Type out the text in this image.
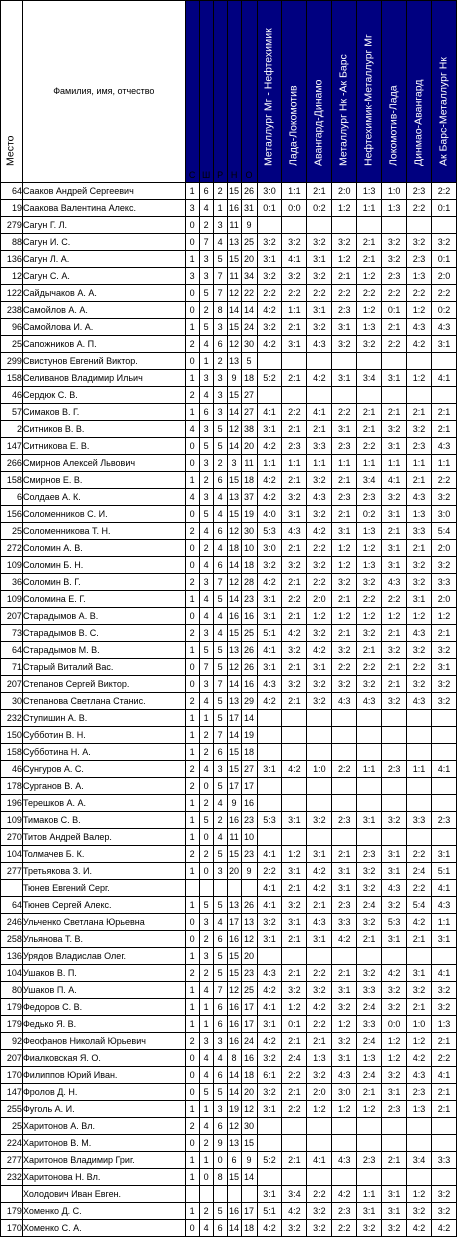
Место	Фамилия, имя, отчество	С	Ш	Р	Н	О	Металлург Мг - Нефтехимик	Лада-Локомотив	Авангард-Динамо	Металлург Нк -Ак Барс	Нефтехимик-Металлург Мг	Локомотив-Лада	Динмао-Авангард	Ак Барс-Металлург Нк

64	Сааков Андрей Сергеевич	1	6	2	15	26	3:0	1:1	2:1	2:0	1:3	1:0	2:3	2:2
19	Саакова Валентина Алекс.	3	4	1	16	31	0:1	0:0	0:2	1:2	1:1	1:3	2:2	0:1
279	Сагун Г. Л.	0	2	3	11	9								
88	Сагун И. С.	0	7	4	13	25	3:2	3:2	3:2	3:2	2:1	3:2	3:2	3:2
136	Сагун Л. А.	1	3	5	15	20	3:1	4:1	3:1	1:2	2:1	3:2	2:3	0:1
12	Сагун С. А.	3	3	7	11	34	3:2	3:2	3:2	2:1	1:2	2:3	1:3	2:0
122	Сайдычаков А. А.	0	5	7	12	22	2:2	2:2	2:2	2:2	2:2	2:2	2:2	2:2
238	Самойлов А. А.	0	2	8	14	14	4:2	1:1	3:1	2:3	1:2	0:1	1:2	0:2
96	Самойлова И. А.	1	5	3	15	24	3:2	2:1	3:2	3:1	1:3	2:1	4:3	4:3
25	Сапожников А. П.	2	4	6	12	30	4:2	3:1	4:3	3:2	3:2	2:2	4:2	3:1
299	Свистунов Евгений Виктор.	0	1	2	13	5								
158	Селиванов Владимир Ильич	1	3	3	9	18	5:2	2:1	4:2	3:1	3:4	3:1	1:2	4:1
46	Сердюк С. В.	2	4	3	15	27								
57	Симаков В. Г.	1	6	3	14	27	4:1	2:2	4:1	2:2	2:1	2:1	2:1	2:1
2	Ситников В. В.	4	3	5	12	38	3:1	2:1	2:1	3:1	2:1	3:2	3:2	2:1
147	Ситникова Е. В.	0	5	5	14	20	4:2	2:3	3:3	2:3	2:2	3:1	2:3	4:3
266	Смирнов Алексей Львович	0	3	2	3	11	1:1	1:1	1:1	1:1	1:1	1:1	1:1	1:1
158	Смирнов Е. В.	1	2	6	15	18	4:2	2:1	3:2	2:1	3:4	4:1	2:1	2:2
6	Солдаев А. К.	4	3	4	13	37	4:2	3:2	4:3	2:3	2:3	3:2	4:3	3:2
156	Соломенников С. И.	0	5	4	15	19	4:0	3:1	3:2	2:1	0:2	3:1	1:3	3:0
25	Соломенникова Т. Н.	2	4	6	12	30	5:3	4:3	4:2	3:1	1:3	2:1	3:3	5:4
272	Соломин А. В.	0	2	4	18	10	3:0	2:1	2:2	1:2	1:2	3:1	2:1	2:0
109	Соломин Б. Н.	0	4	6	14	18	3:2	3:2	3:2	1:2	1:3	3:1	3:2	3:2
36	Соломин В. Г.	2	3	7	12	28	4:2	2:1	2:2	3:2	3:2	4:3	3:2	3:3
109	Соломина Е. Г.	1	4	5	14	23	3:1	2:2	2:0	2:1	2:2	2:2	3:1	2:0
207	Старадымов А. В.	0	4	4	16	16	3:1	2:1	1:2	1:2	1:2	1:2	1:2	1:2
73	Старадымов В. С.	2	3	4	15	25	5:1	4:2	3:2	2:1	3:2	2:1	4:3	2:1
64	Старадымов М. В.	1	5	5	13	26	4:1	3:2	4:2	3:2	2:1	3:2	3:2	3:2
71	Старый Виталий Вас.	0	7	5	12	26	3:1	2:1	3:1	2:2	2:2	2:1	2:2	3:1
207	Степанов Сергей Виктор.	0	3	7	14	16	4:3	3:2	3:2	3:2	3:2	2:1	3:2	3:2
30	Степанова Светлана Станис.	2	4	5	13	29	4:2	2:1	3:2	4:3	4:3	3:2	4:3	3:2
232	Ступишин А. В.	1	1	5	17	14								
150	Субботин В. Н.	1	2	7	14	19								
158	Субботина Н. А.	1	2	6	15	18								
46	Сунгуров А. С.	2	4	3	15	27	3:1	4:2	1:0	2:2	1:1	2:3	1:1	4:1
178	Сурганов В. А.	2	0	5	17	17								
196	Терешков А. А.	1	2	4	9	16								
109	Тимаков С. В.	1	5	2	16	23	5:3	3:1	3:2	2:3	3:1	3:2	3:3	2:3
270	Титов Андрей Валер.	1	0	4	11	10								
104	Толмачев Б. К.	2	2	5	15	23	4:1	1:2	3:1	2:1	2:3	3:1	2:2	3:1
277	Третьякова З. И.	1	0	3	20	9	2:2	3:1	4:2	3:1	3:2	3:1	2:4	5:1
	Тюнев Евгений Серг.						4:1	2:1	4:2	3:1	3:2	4:3	2:2	4:1
64	Тюнев Сергей Алекс.	1	5	5	13	26	4:1	3:2	2:1	2:3	2:4	3:2	5:4	4:3
246	Ульченко Светлана Юрьевна	0	3	4	17	13	3:2	3:1	4:3	3:3	3:2	5:3	4:2	1:1
258	Ульянова Т. В.	0	2	6	16	12	3:1	2:1	3:1	4:2	2:1	3:1	2:1	3:1
136	Урядов Владислав Олег.	1	3	5	15	20								
104	Ушаков В. П.	2	2	5	15	23	4:3	2:1	2:2	2:1	3:2	4:2	3:1	4:1
80	Ушаков П. А.	1	4	7	12	25	4:2	3:2	3:2	3:1	3:3	3:2	3:2	3:2
179	Федоров С. В.	1	1	6	16	17	4:1	1:2	4:2	3:2	2:4	3:2	2:1	3:2
179	Федько Я. В.	1	1	6	16	17	3:1	0:1	2:2	1:2	3:3	0:0	1:0	1:3
92	Феофанов Николай Юрьевич	2	3	3	16	24	4:2	2:1	2:1	3:2	2:4	1:2	1:2	2:1
207	Фиалковская Я. О.	0	4	4	8	16	3:2	2:4	1:3	3:1	1:3	1:2	4:2	2:2
170	Филиппов Юрий Иван.	0	4	6	14	18	6:1	2:2	3:2	4:3	2:4	3:2	4:3	4:1
147	Фролов Д. Н.	0	5	5	14	20	3:2	2:1	2:0	3:0	2:1	3:1	2:3	2:1
255	Фуголь А. И.	1	1	3	19	12	3:1	2:2	1:2	1:2	1:2	2:3	1:3	2:1
25	Харитонов А. Вл.	2	4	6	12	30								
224	Харитонов В. М.	0	2	9	13	15								
277	Харитонов Владимир Григ.	1	1	0	6	9	5:2	2:1	4:1	4:3	2:3	2:1	3:4	3:3
232	Харитонова Н. Вл.	1	0	8	15	14								
	Холодович Иван Евген.						3:1	3:4	2:2	4:2	1:1	3:1	1:2	3:2
179	Хоменко Д. С.	1	2	5	16	17	5:1	4:2	3:2	2:3	3:1	3:1	3:2	3:2
170	Хоменко С. А.	0	4	6	14	18	4:2	3:2	3:2	2:2	3:2	3:2	4:2	4:2
